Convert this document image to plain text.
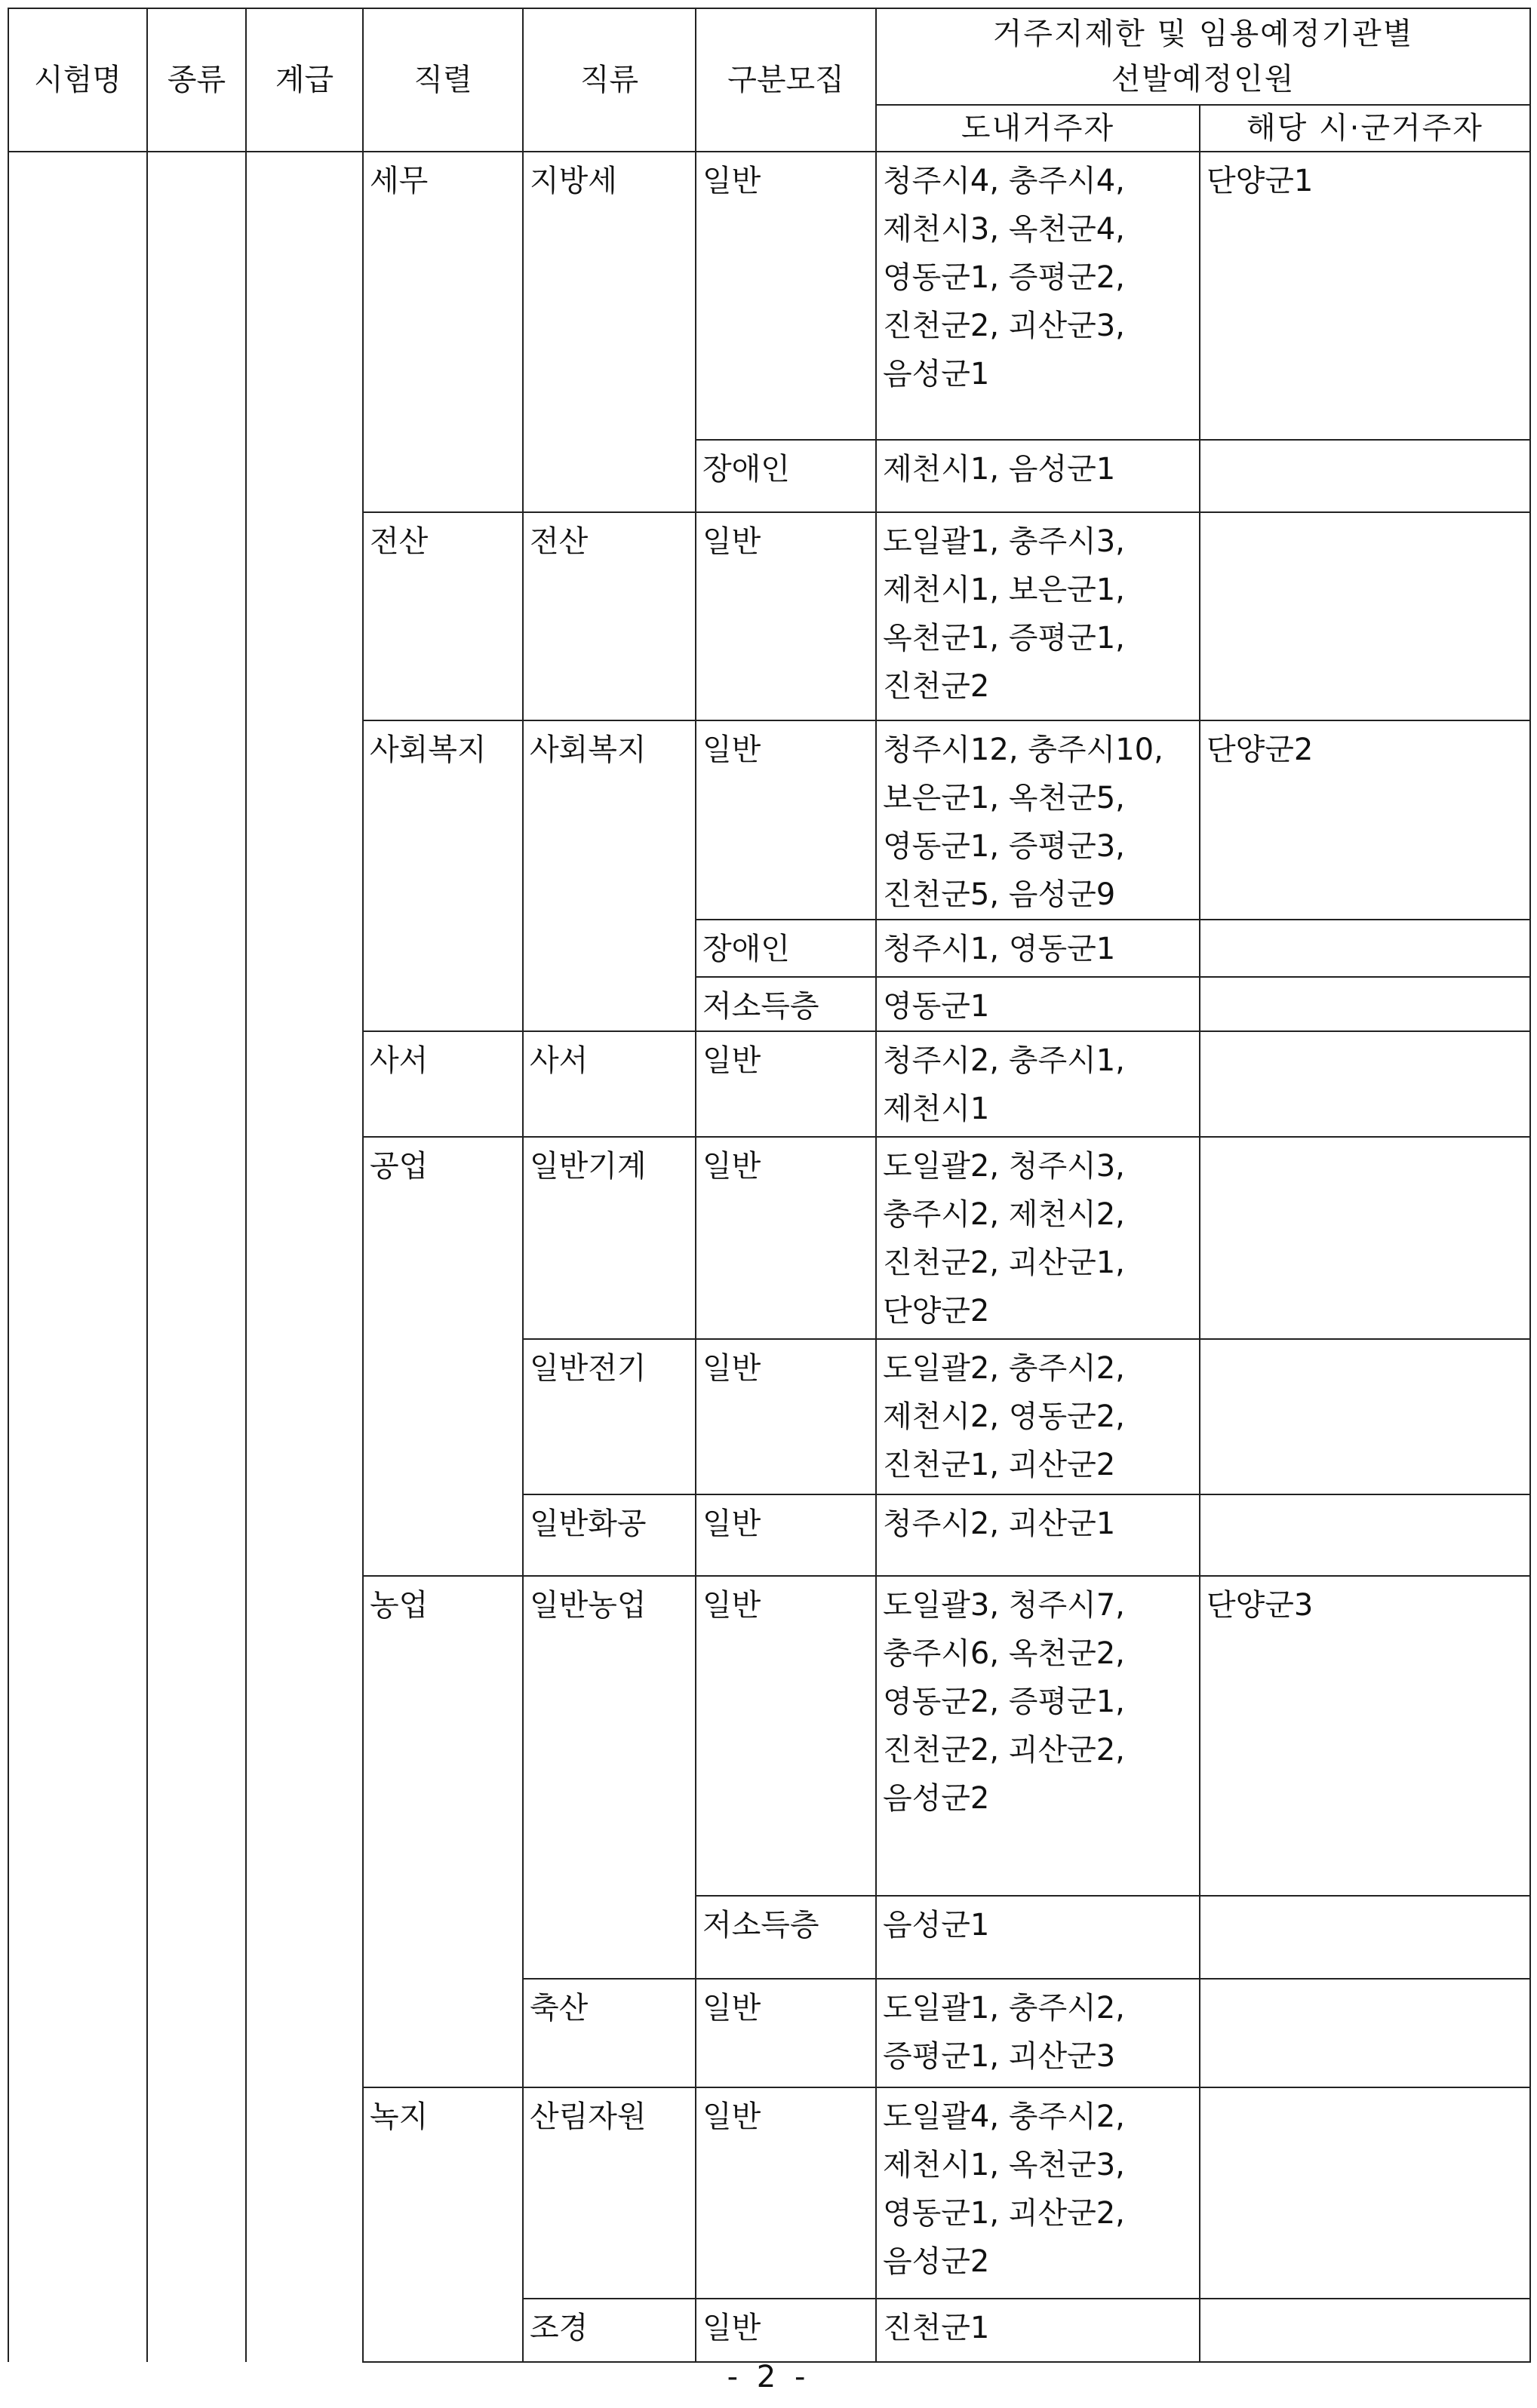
시험명	종류	계급	직렬	직류	구분모집	거주지제한 및 임용예정기관별
선발예정인원	
						도내거주자	해당 시·군거주자
			세무	지방세	일반	청주시4, 충주시4,
제천시3, 옥천군4,
영동군1, 증평군2,
진천군2, 괴산군3,
음성군1	단양군1
					장애인	제천시1, 음성군1	
			전산	전산	일반	도일괄1, 충주시3,
제천시1, 보은군1,
옥천군1, 증평군1,
진천군2	
			사회복지	사회복지	일반	청주시12, 충주시10,
보은군1, 옥천군5,
영동군1, 증평군3,
진천군5, 음성군9	단양군2
					장애인	청주시1, 영동군1	
					저소득층	영동군1	
			사서	사서	일반	청주시2, 충주시1,
제천시1	
			공업	일반기계	일반	도일괄2, 청주시3,
충주시2, 제천시2,
진천군2, 괴산군1,
단양군2	
				일반전기	일반	도일괄2, 충주시2,
제천시2, 영동군2,
진천군1, 괴산군2	
				일반화공	일반	청주시2, 괴산군1	
			농업	일반농업	일반	도일괄3, 청주시7,
충주시6, 옥천군2,
영동군2, 증평군1,
진천군2, 괴산군2,
음성군2	단양군3
					저소득층	음성군1	
				축산	일반	도일괄1, 충주시2,
증평군1, 괴산군3	
			녹지	산림자원	일반	도일괄4, 충주시2,
제천시1, 옥천군3,
영동군1, 괴산군2,
음성군2	
				조경	일반	진천군1	
- 2 -
